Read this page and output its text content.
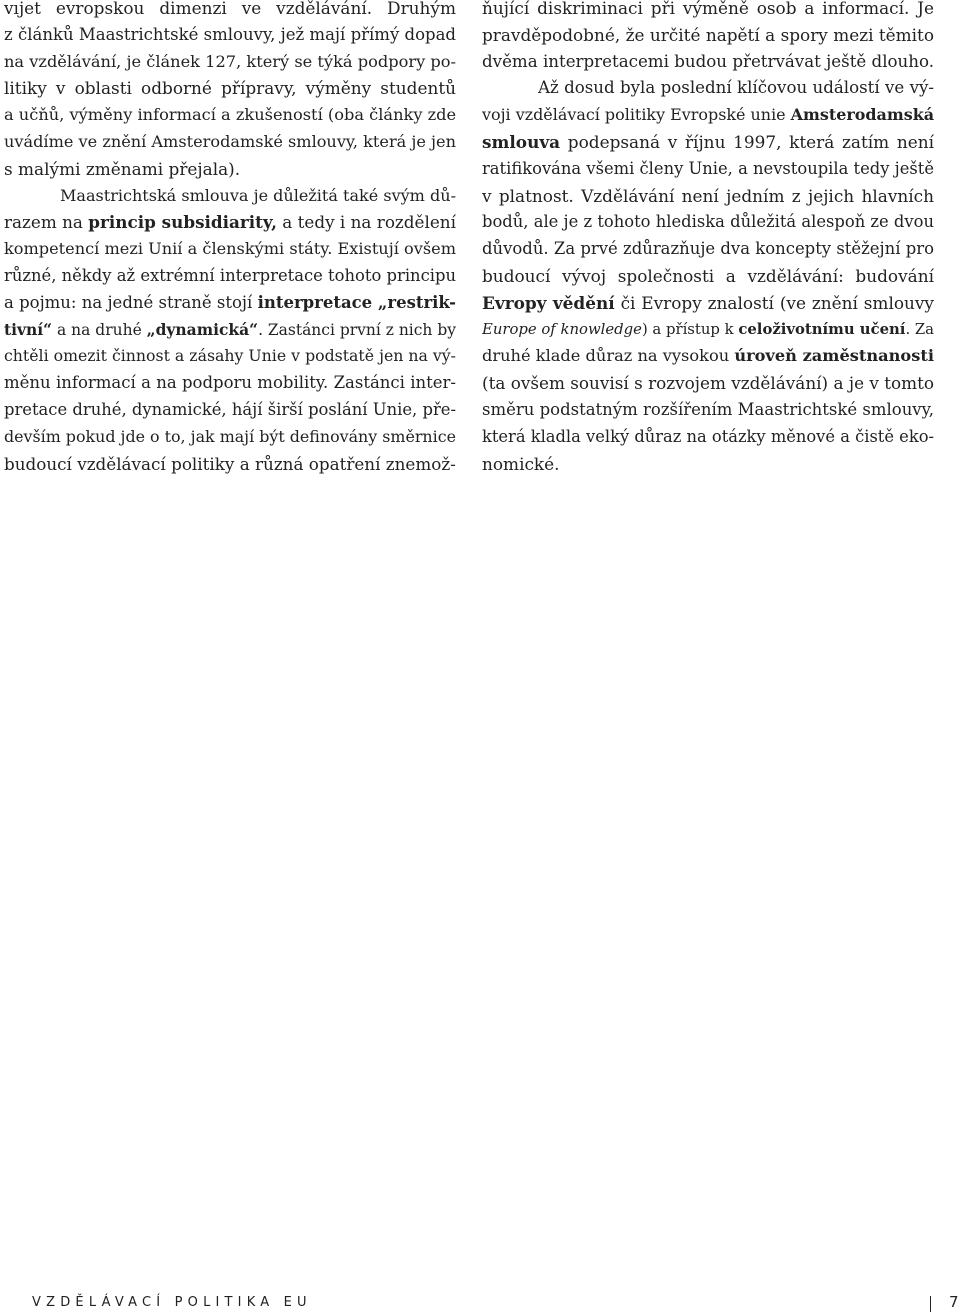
vıjet evropskou dimenzi ve vzdělávání. Druhým
z článků Maastrichtské smlouvy, jež mají přímý dopad
na vzdělávání, je článek 127, který se týká podpory po-
litiky v oblasti odborné přípravy, výměny studentů
a učňů, výměny informací a zkušeností (oba články zde
uvádíme ve znění Amsterodamské smlouvy, která je jen
s malými změnami přejala).
Maastrichtská smlouva je důležitá také svým dů-
razem na princip subsidiarity, a tedy i na rozdělení
kompetencí mezi Unií a členskými státy. Existují ovšem
různé, někdy až extrémní interpretace tohoto principu
a pojmu: na jedné straně stojí interpretace „restrik-
tivní“ a na druhé „dynamická“. Zastánci první z nich by
chtěli omezit činnost a zásahy Unie v podstatě jen na vý-
měnu informací a na podporu mobility. Zastánci inter-
pretace druhé, dynamické, hájí širší poslání Unie, pře-
devším pokud jde o to, jak mají být definovány směrnice
budoucí vzdělávací politiky a různá opatření znemož-
ňující diskriminaci při výměně osob a informací. Je
pravděpodobné, že určité napětí a spory mezi těmito
dvěma interpretacemi budou přetrvávat ještě dlouho.
Až dosud byla poslední klíčovou událostí ve vý-
voji vzdělávací politiky Evropské unie Amsterodamská
smlouva podepsaná v říjnu 1997, která zatím není
ratifikována všemi členy Unie, a nevstoupila tedy ještě
v platnost. Vzdělávání není jedním z jejich hlavních
bodů, ale je z tohoto hlediska důležitá alespoň ze dvou
důvodů. Za prvé zdůrazňuje dva koncepty stěžejní pro
budoucí vývoj společnosti a vzdělávání: budování
Evropy vědění či Evropy znalostí (ve znění smlouvy
Europe of knowledge) a přístup k celoživotnímu učení. Za
druhé klade důraz na vysokou úroveň zaměstnanosti
(ta ovšem souvisí s rozvojem vzdělávání) a je v tomto
směru podstatným rozšířením Maastrichtské smlouvy,
která kladla velký důraz na otázky měnové a čistě eko-
nomické.
VZDĚLÁVACÍ POLITIKA EU	7
